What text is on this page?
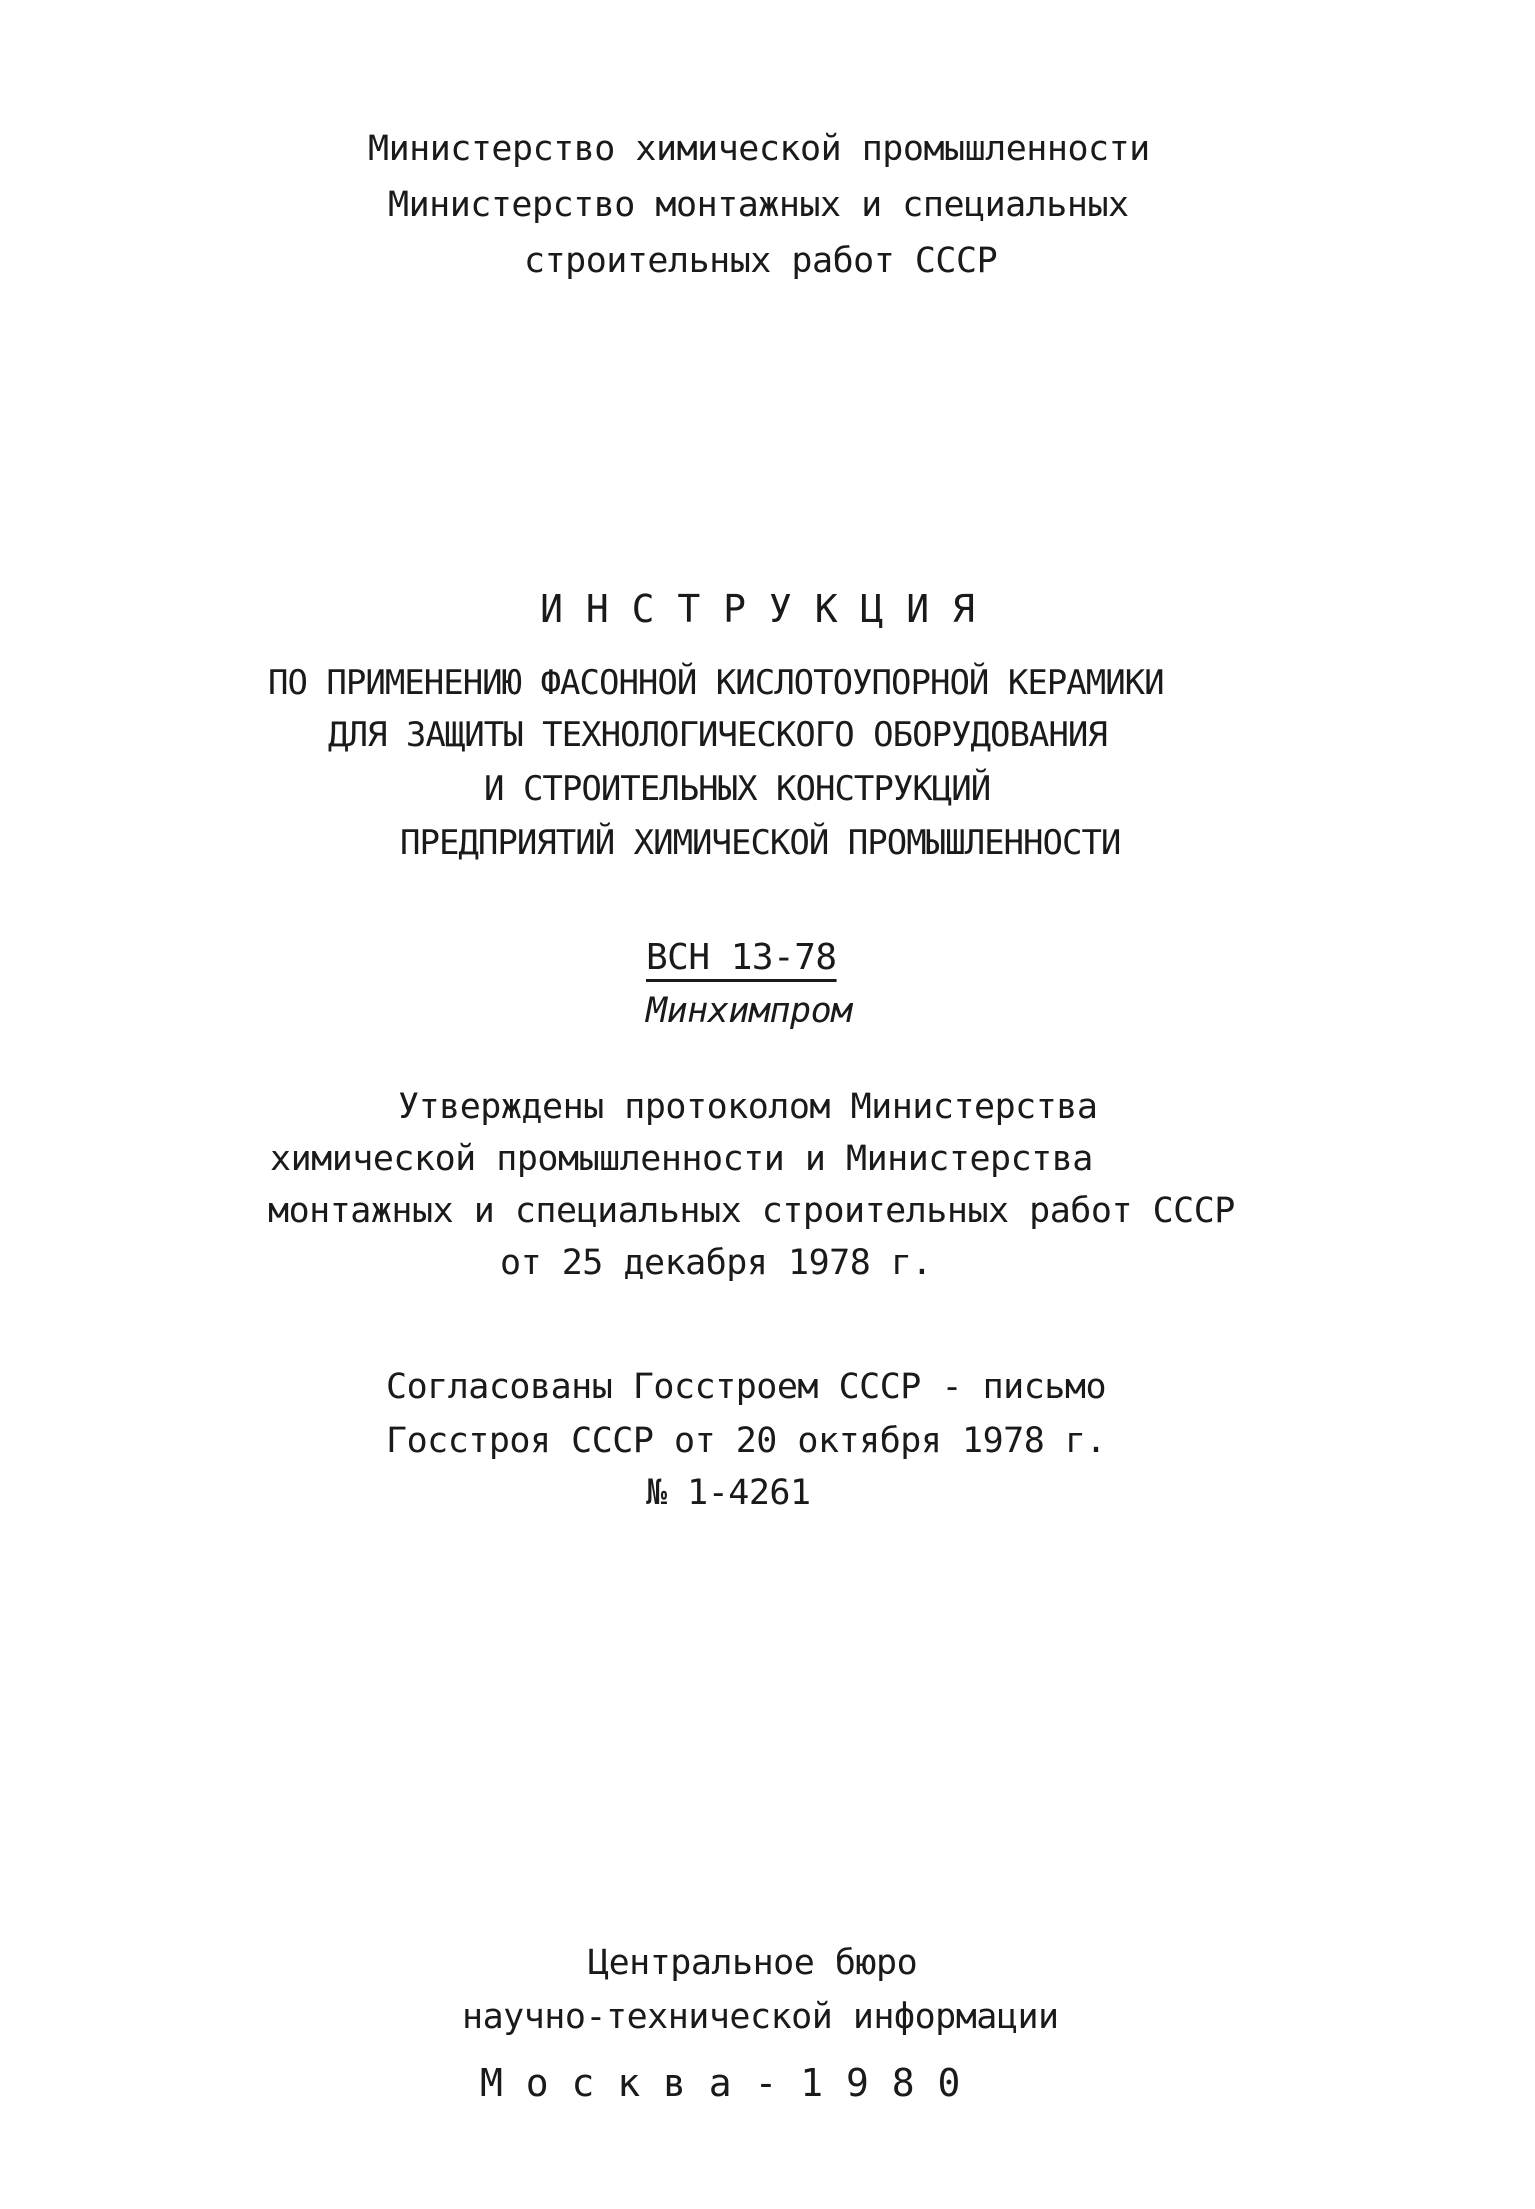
Министерство химической промышленности
Министерство монтажных и специальных
строительных работ СССР
И Н С Т Р У К Ц И Я
ПО ПРИМЕНЕНИЮ ФАСОННОЙ КИСЛОТОУПОРНОЙ КЕРАМИКИ
ДЛЯ ЗАЩИТЫ ТЕХНОЛОГИЧЕСКОГО ОБОРУДОВАНИЯ
И СТРОИТЕЛЬНЫХ КОНСТРУКЦИЙ
ПРЕДПРИЯТИЙ ХИМИЧЕСКОЙ ПРОМЫШЛЕННОСТИ
ВСН 13-78
Минхимпром
Утверждены протоколом Министерства
химической промышленности и Министерства
монтажных и специальных строительных работ СССР
от 25 декабря 1978 г.
Согласованы Госстроем СССР - письмо
Госстроя СССР от 20 октября 1978 г.
№ 1-4261
Центральное бюро
научно-технической информации
М о с к в а - 1 9 8 0
